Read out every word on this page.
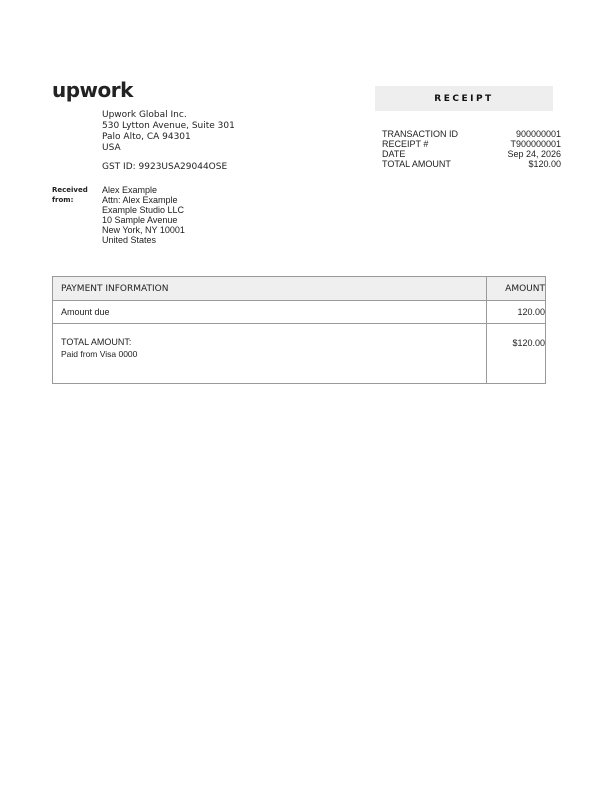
upwork
Upwork Global Inc.
530 Lytton Avenue, Suite 301
Palo Alto, CA 94301
USA
GST ID: 9923USA29044OSE
RECEIPT
TRANSACTION ID	900000001
RECEIPT #	T900000001
DATE	Sep 24, 2026
TOTAL AMOUNT	$120.00
Received from:
Alex Example
Attn: Alex Example
Example Studio LLC
10 Sample Avenue
New York, NY 10001
United States
PAYMENT INFORMATION	AMOUNT
Amount due	120.00
TOTAL AMOUNT:
Paid from Visa 0000	$120.00
